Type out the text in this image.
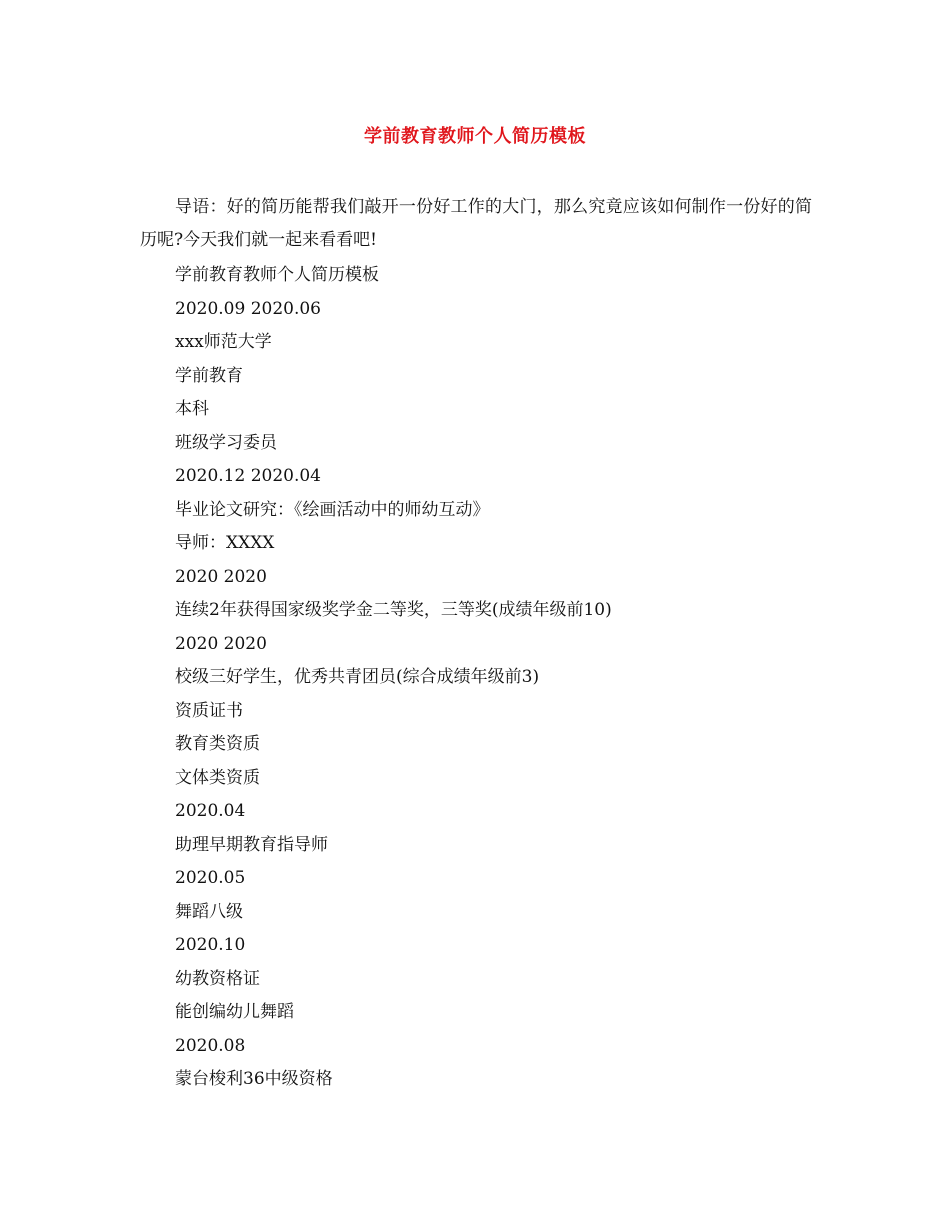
学前教育教师个人简历模板
导语：好的简历能帮我们敲开一份好工作的大门，那么究竟应该如何制作一份好的简历呢?今天我们就一起来看看吧!
学前教育教师个人简历模板
2020.09 2020.06
xxx师范大学
学前教育
本科
班级学习委员
2020.12 2020.04
毕业论文研究：《绘画活动中的师幼互动》
导师：XXXX
2020 2020
连续2年获得国家级奖学金二等奖，三等奖(成绩年级前10)
2020 2020
校级三好学生，优秀共青团员(综合成绩年级前3)
资质证书
教育类资质
文体类资质
2020.04
助理早期教育指导师
2020.05
舞蹈八级
2020.10
幼教资格证
能创编幼儿舞蹈
2020.08
蒙台梭利36中级资格
